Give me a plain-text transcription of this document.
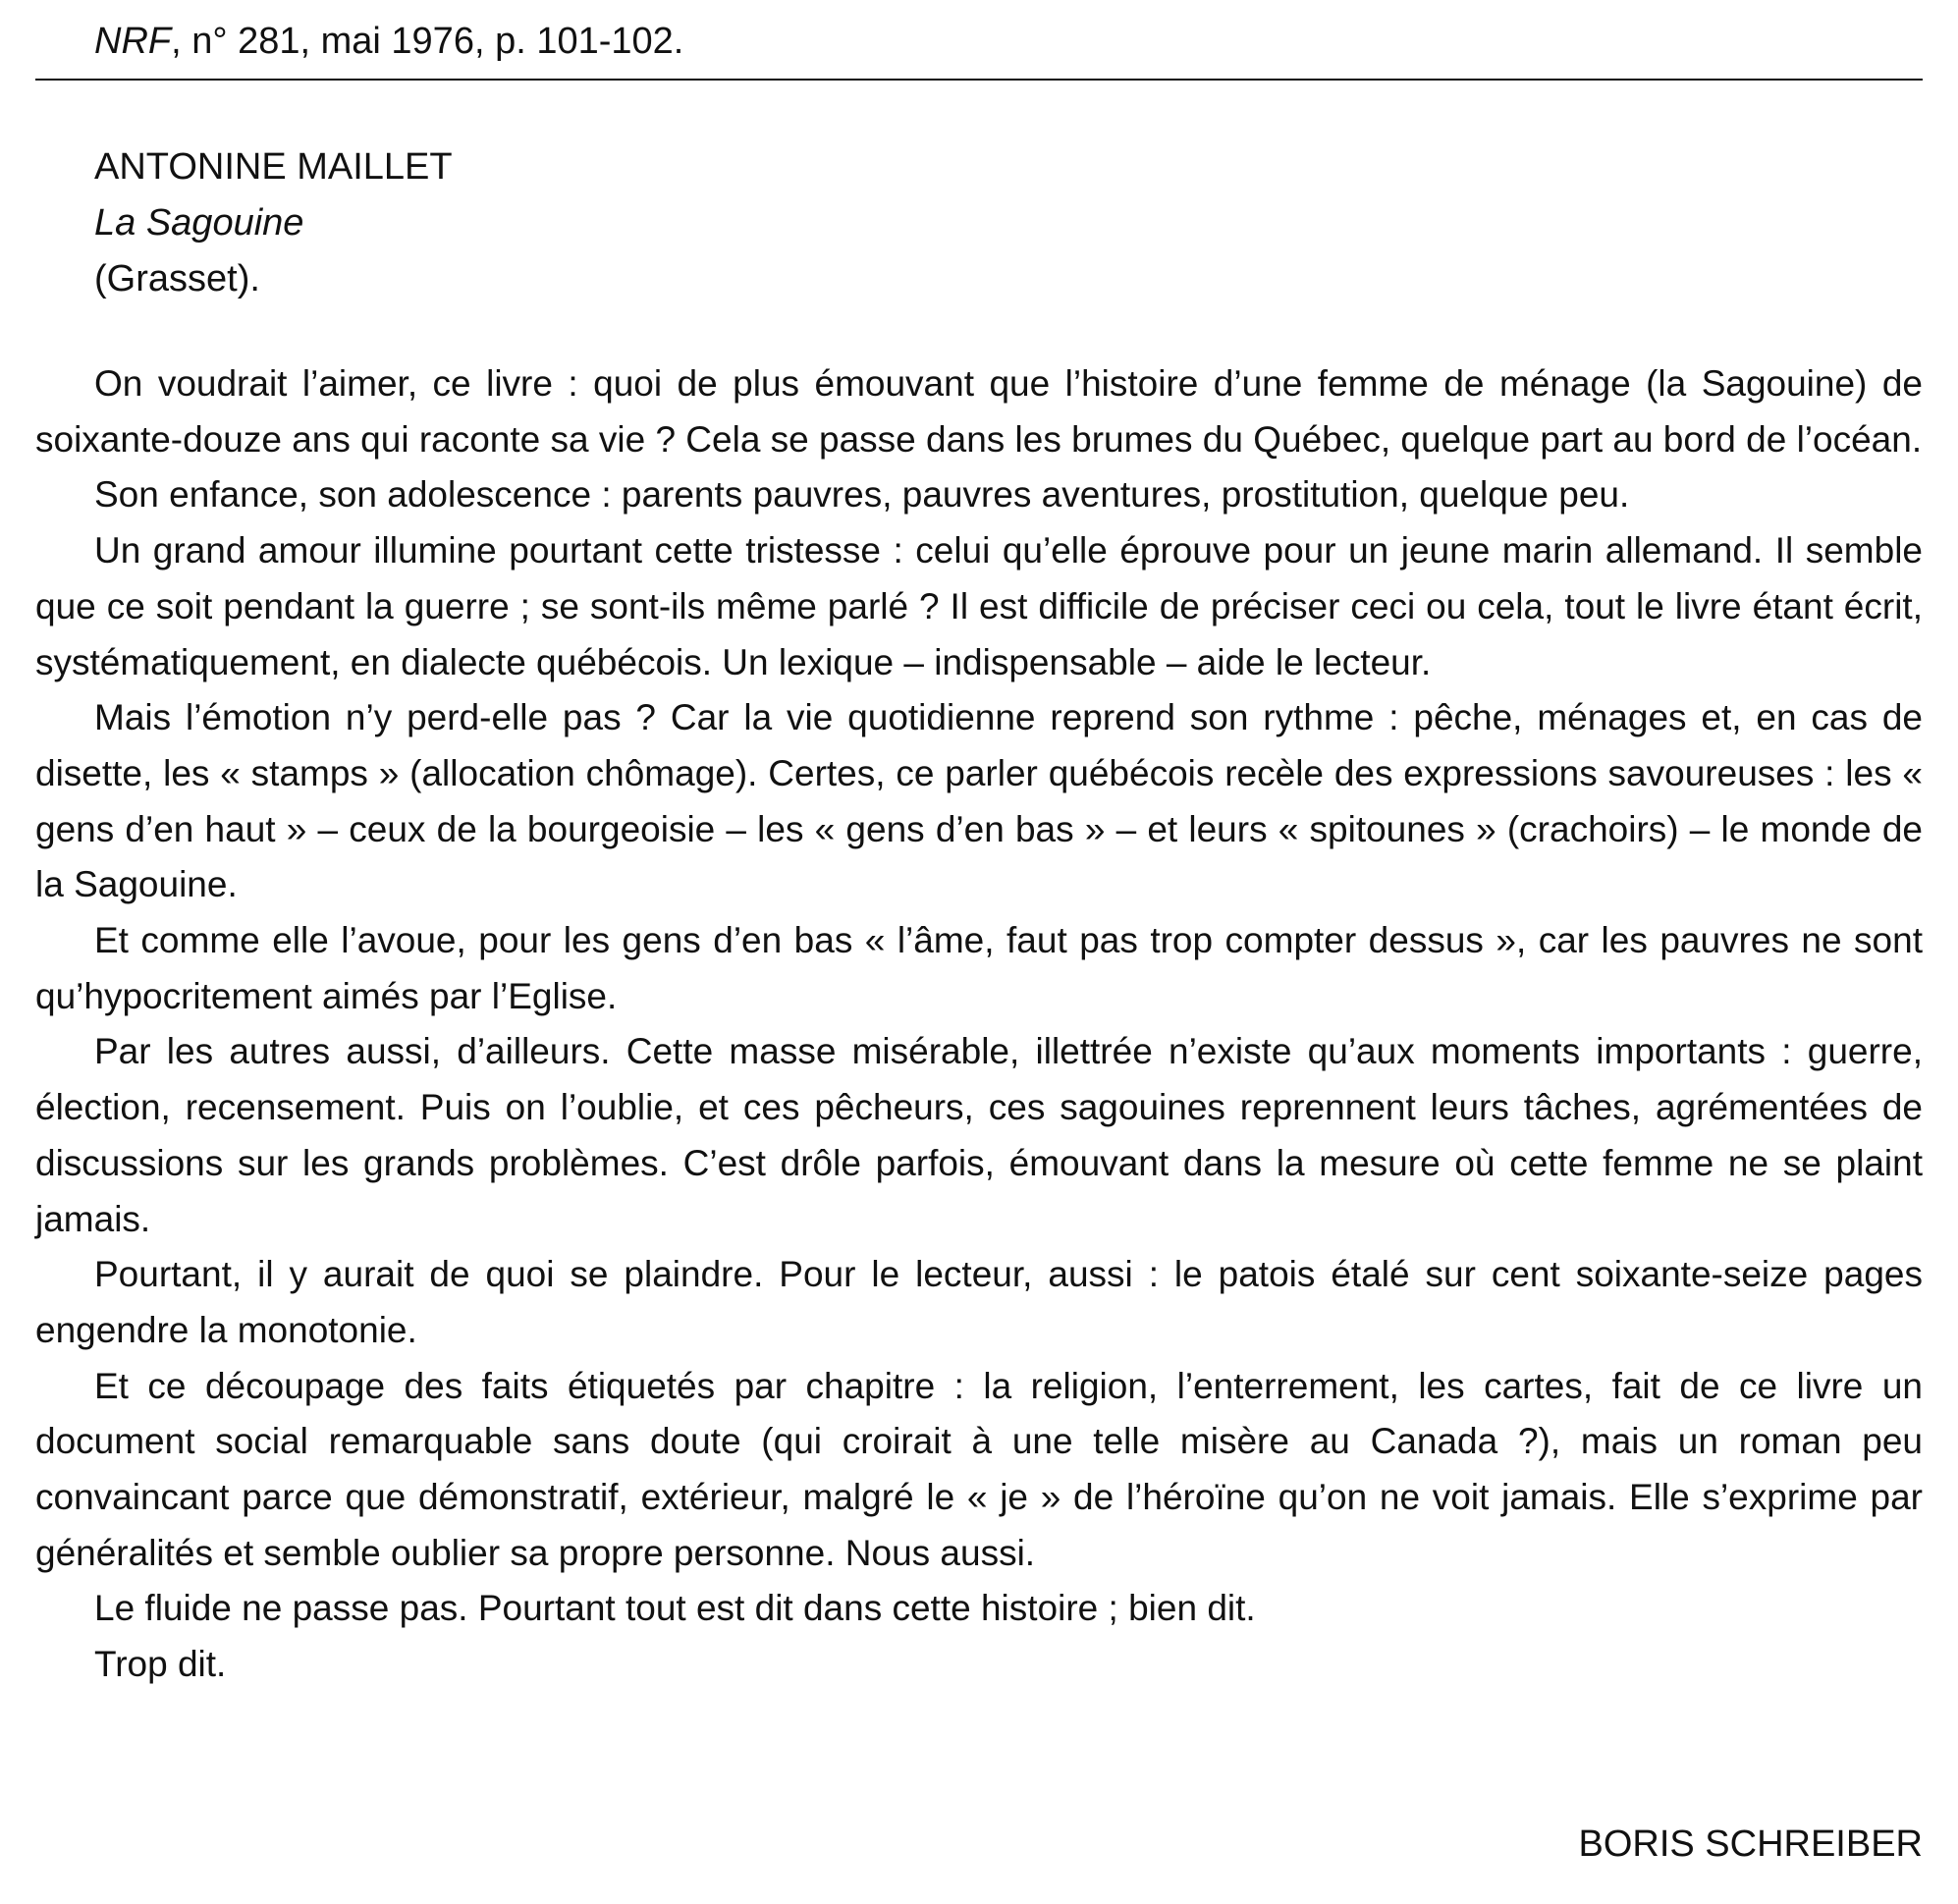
NRF, n° 281, mai 1976, p. 101-102.
ANTONINE MAILLET
La Sagouine
(Grasset).

On voudrait l’aimer, ce livre : quoi de plus émouvant que l’histoire d’une femme de ménage (la Sagouine) de soixante-douze ans qui raconte sa vie ? Cela se passe dans les brumes du Québec, quelque part au bord de l’océan.

Son enfance, son adolescence : parents pauvres, pauvres aventures, prostitution, quelque peu.

Un grand amour illumine pourtant cette tristesse : celui qu’elle éprouve pour un jeune marin allemand. Il semble que ce soit pendant la guerre ; se sont-ils même parlé ? Il est difficile de préciser ceci ou cela, tout le livre étant écrit, systématiquement, en dialecte québécois. Un lexique – indispensable – aide le lecteur.

Mais l’émotion n’y perd-elle pas ? Car la vie quotidienne reprend son rythme : pêche, ménages et, en cas de disette, les « stamps » (allocation chômage). Certes, ce parler québécois recèle des expressions savoureuses : les « gens d’en haut » – ceux de la bourgeoisie – les « gens d’en bas » – et leurs « spitounes » (crachoirs) – le monde de la Sagouine.

Et comme elle l’avoue, pour les gens d’en bas « l’âme, faut pas trop compter dessus », car les pauvres ne sont qu’hypocritement aimés par l’Eglise.

Par les autres aussi, d’ailleurs. Cette masse misérable, illettrée n’existe qu’aux moments importants : guerre, élection, recensement. Puis on l’oublie, et ces pêcheurs, ces sagouines reprennent leurs tâches, agrémentées de discussions sur les grands problèmes. C’est drôle parfois, émouvant dans la mesure où cette femme ne se plaint jamais.

Pourtant, il y aurait de quoi se plaindre. Pour le lecteur, aussi : le patois étalé sur cent soixante-seize pages engendre la monotonie.

Et ce découpage des faits étiquetés par chapitre : la religion, l’enterrement, les cartes, fait de ce livre un document social remarquable sans doute (qui croirait à une telle misère au Canada ?), mais un roman peu convaincant parce que démonstratif, extérieur, malgré le « je » de l’héroïne qu’on ne voit jamais. Elle s’exprime par généralités et semble oublier sa propre personne. Nous aussi.

Le fluide ne passe pas. Pourtant tout est dit dans cette histoire ; bien dit.

Trop dit.

BORIS SCHREIBER
